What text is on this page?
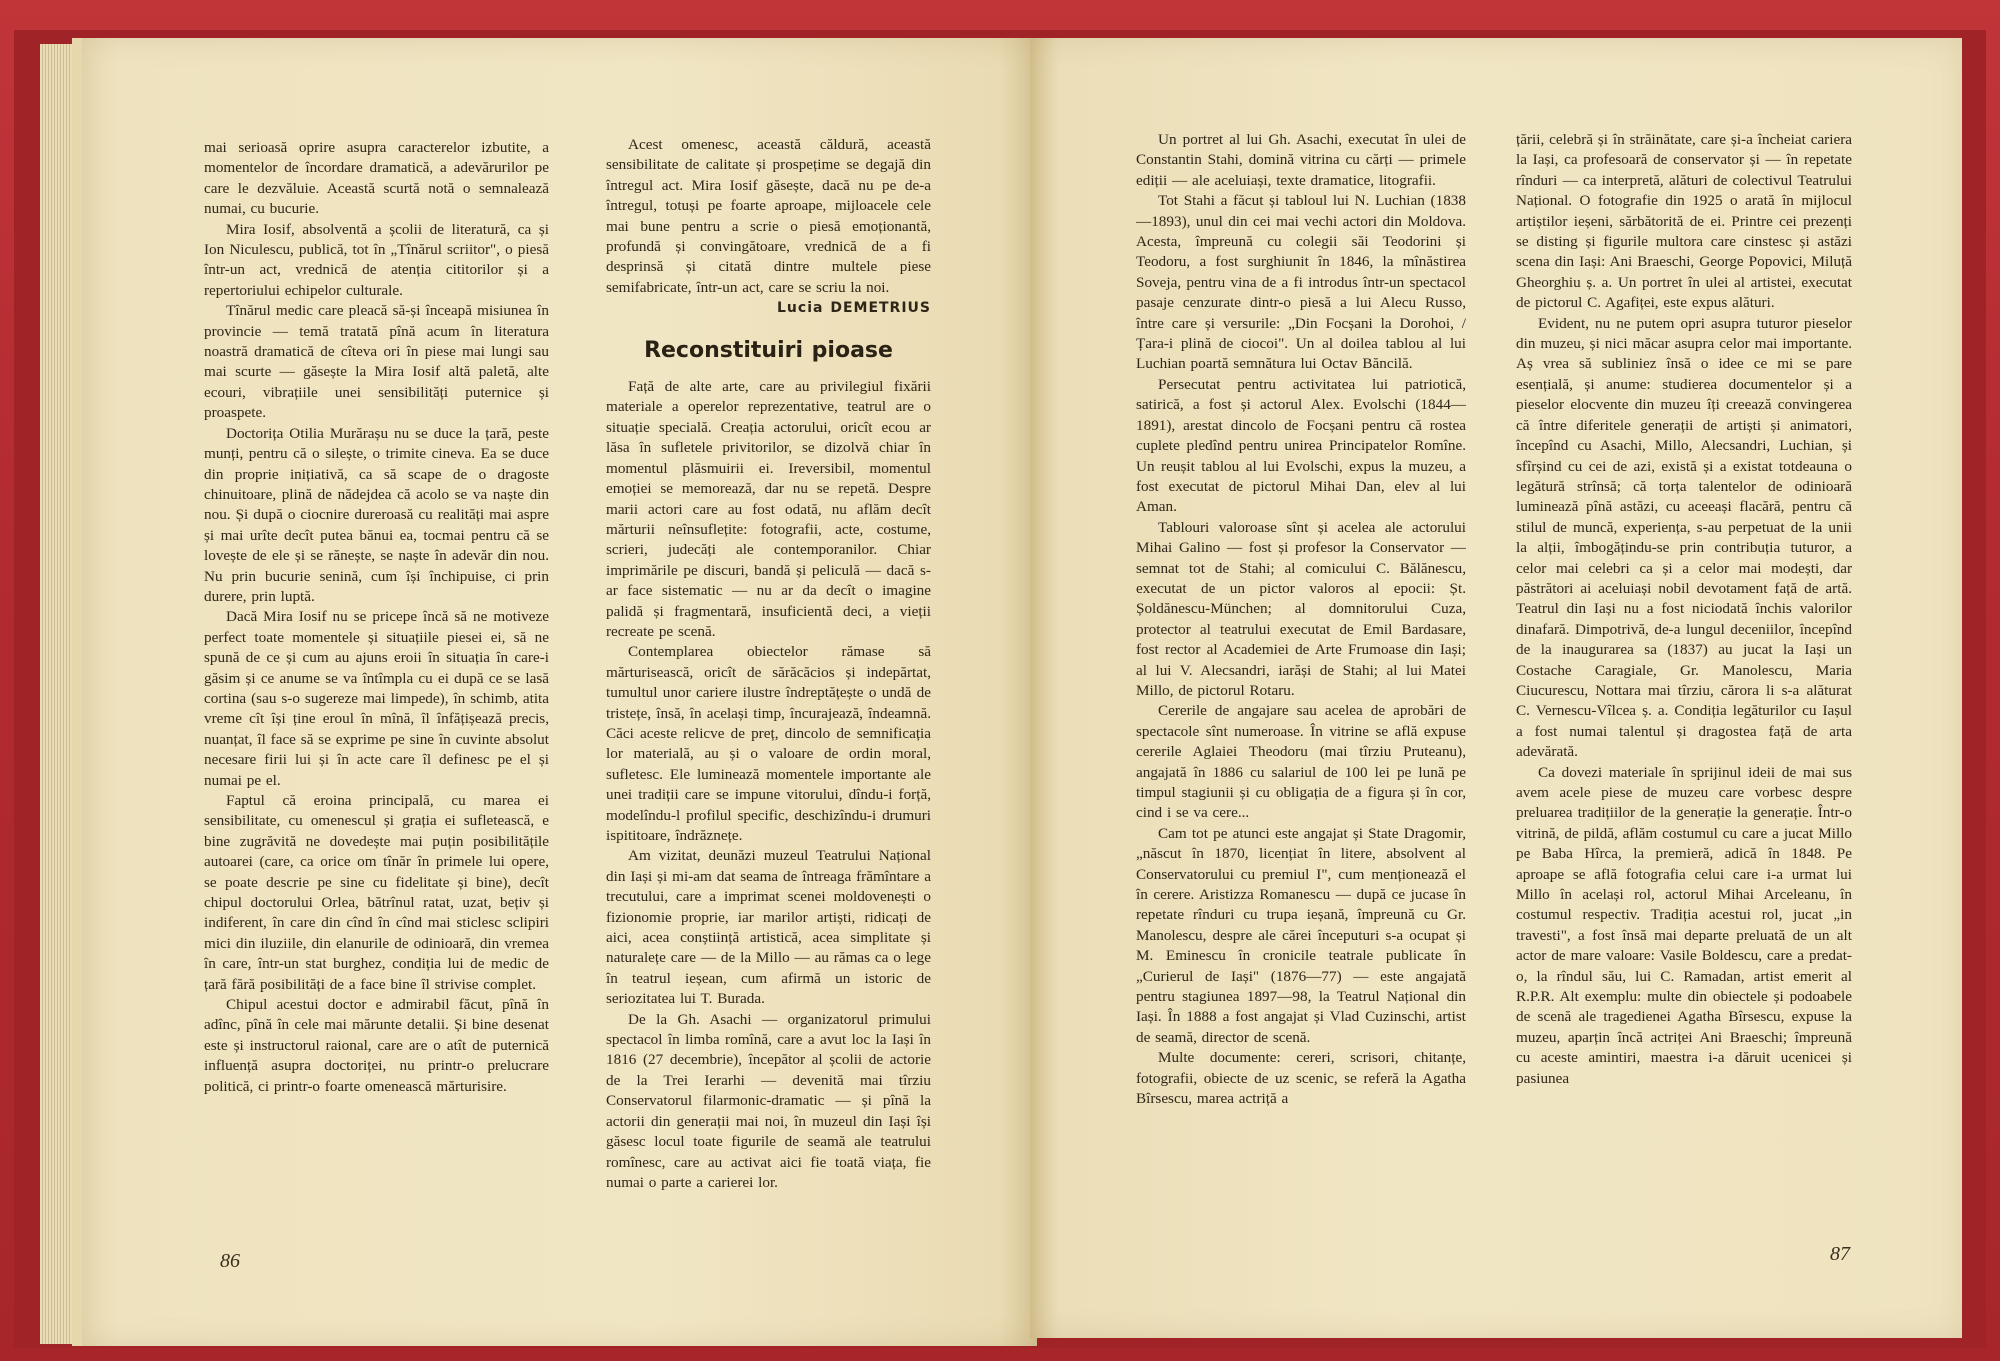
mai serioasă oprire asupra caracterelor izbutite, a momentelor de încordare dramatică, a adevărurilor pe care le dezvăluie. Această scurtă notă o semnalează numai, cu bucurie.

Mira Iosif, absolventă a școlii de literatură, ca și Ion Niculescu, publică, tot în „Tînărul scriitor", o piesă într-un act, vrednică de atenția cititorilor și a repertoriului echipelor culturale.

Tînărul medic care pleacă să-și înceapă misiunea în provincie — temă tratată pînă acum în literatura noastră dramatică de cîteva ori în piese mai lungi sau mai scurte — găsește la Mira Iosif altă paletă, alte ecouri, vibrațiile unei sensibilități puternice și proaspete.

Doctorița Otilia Murărașu nu se duce la țară, peste munți, pentru că o silește, o trimite cineva. Ea se duce din proprie inițiativă, ca să scape de o dragoste chinuitoare, plină de nădejdea că acolo se va naște din nou. Și după o ciocnire dureroasă cu realități mai aspre și mai urîte decît putea bănui ea, tocmai pentru că se lovește de ele și se rănește, se naște în adevăr din nou. Nu prin bucurie senină, cum își închipuise, ci prin durere, prin luptă.

Dacă Mira Iosif nu se pricepe încă să ne motiveze perfect toate momentele și situațiile piesei ei, să ne spună de ce și cum au ajuns eroii în situația în care-i găsim și ce anume se va întîmpla cu ei după ce se lasă cortina (sau s-o sugereze mai limpede), în schimb, atita vreme cît își ține eroul în mînă, îl înfățișează precis, nuanțat, îl face să se exprime pe sine în cuvinte absolut necesare firii lui și în acte care îl definesc pe el și numai pe el.

Faptul că eroina principală, cu marea ei sensibilitate, cu omenescul și grația ei sufletească, e bine zugrăvită ne dovedește mai puțin posibilitățile autoarei (care, ca orice om tînăr în primele lui opere, se poate descrie pe sine cu fidelitate și bine), decît chipul doctorului Orlea, bătrînul ratat, uzat, bețiv și indiferent, în care din cînd în cînd mai sticlesc sclipiri mici din iluziile, din elanurile de odinioară, din vremea în care, într-un stat burghez, condiția lui de medic de țară fără posibilități de a face bine îl strivise complet.

Chipul acestui doctor e admirabil făcut, pînă în adînc, pînă în cele mai mărunte detalii. Și bine desenat este și instructorul raional, care are o atît de puternică influență asupra doctoriței, nu printr-o prelucrare politică, ci printr-o foarte omenească mărturisire.

Acest omenesc, această căldură, această sensibilitate de calitate și prospețime se degajă din întregul act. Mira Iosif găsește, dacă nu pe de-a întregul, totuși pe foarte aproape, mijloacele cele mai bune pentru a scrie o piesă emoționantă, profundă și convingătoare, vrednică de a fi desprinsă și citată dintre multele piese semifabricate, într-un act, care se scriu la noi.

Lucia DEMETRIUS

Reconstituiri pioase

Față de alte arte, care au privilegiul fixării materiale a operelor reprezentative, teatrul are o situație specială. Creația actorului, oricît ecou ar lăsa în sufletele privitorilor, se dizolvă chiar în momentul plăsmuirii ei. Ireversibil, momentul emoției se memorează, dar nu se repetă. Despre marii actori care au fost odată, nu aflăm decît mărturii neînsuflețite: fotografii, acte, costume, scrieri, judecăți ale contemporanilor. Chiar imprimările pe discuri, bandă și peliculă — dacă s-ar face sistematic — nu ar da decît o imagine palidă și fragmentară, insuficientă deci, a vieții recreate pe scenă.

Contemplarea obiectelor rămase să mărturisească, oricît de sărăcăcios și indepărtat, tumultul unor cariere ilustre îndreptățește o undă de tristețe, însă, în același timp, încurajează, îndeamnă. Căci aceste relicve de preț, dincolo de semnificația lor materială, au și o valoare de ordin moral, sufletesc. Ele luminează momentele importante ale unei tradiții care se impune vitorului, dîndu-i forță, modelîndu-l profilul specific, deschizîndu-i drumuri ispititoare, îndrăznețe.

Am vizitat, deunăzi muzeul Teatrului Național din Iași și mi-am dat seama de întreaga frămîntare a trecutului, care a imprimat scenei moldovenești o fizionomie proprie, iar marilor artiști, ridicați de aici, acea conștiință artistică, acea simplitate și naturalețe care — de la Millo — au rămas ca o lege în teatrul ieșean, cum afirmă un istoric de seriozitatea lui T. Burada.

De la Gh. Asachi — organizatorul primului spectacol în limba romînă, care a avut loc la Iași în 1816 (27 decembrie), începător al școlii de actorie de la Trei Ierarhi — devenită mai tîrziu Conservatorul filarmonic-dramatic — și pînă la actorii din generații mai noi, în muzeul din Iași își găsesc locul toate figurile de seamă ale teatrului romînesc, care au activat aici fie toată viața, fie numai o parte a carierei lor.

86

Un portret al lui Gh. Asachi, executat în ulei de Constantin Stahi, domină vitrina cu cărți — primele ediții — ale aceluiași, texte dramatice, litografii.

Tot Stahi a făcut și tabloul lui N. Luchian (1838—1893), unul din cei mai vechi actori din Moldova. Acesta, împreună cu colegii săi Teodorini și Teodoru, a fost surghiunit în 1846, la mînăstirea Soveja, pentru vina de a fi introdus într-un spectacol pasaje cenzurate dintr-o piesă a lui Alecu Russo, între care și versurile: „Din Focșani la Dorohoi, / Țara-i plină de ciocoi". Un al doilea tablou al lui Luchian poartă semnătura lui Octav Băncilă.

Persecutat pentru activitatea lui patriotică, satirică, a fost și actorul Alex. Evolschi (1844—1891), arestat dincolo de Focșani pentru că rostea cuplete pledînd pentru unirea Principatelor Romîne. Un reușit tablou al lui Evolschi, expus la muzeu, a fost executat de pictorul Mihai Dan, elev al lui Aman.

Tablouri valoroase sînt și acelea ale actorului Mihai Galino — fost și profesor la Conservator — semnat tot de Stahi; al comicului C. Bălănescu, executat de un pictor valoros al epocii: Șt. Șoldănescu-München; al domnitorului Cuza, protector al teatrului executat de Emil Bardasare, fost rector al Academiei de Arte Frumoase din Iași; al lui V. Alecsandri, iarăși de Stahi; al lui Matei Millo, de pictorul Rotaru.

Cererile de angajare sau acelea de aprobări de spectacole sînt numeroase. În vitrine se află expuse cererile Aglaiei Theodoru (mai tîrziu Pruteanu), angajată în 1886 cu salariul de 100 lei pe lună pe timpul stagiunii și cu obligația de a figura și în cor, cind i se va cere...

Cam tot pe atunci este angajat și State Dragomir, „născut în 1870, licențiat în litere, absolvent al Conservatorului cu premiul I", cum menționează el în cerere. Aristizza Romanescu — după ce jucase în repetate rînduri cu trupa ieșană, împreună cu Gr. Manolescu, despre ale cărei începuturi s-a ocupat și M. Eminescu în cronicile teatrale publicate în „Curierul de Iași" (1876—77) — este angajată pentru stagiunea 1897—98, la Teatrul Național din Iași. În 1888 a fost angajat și Vlad Cuzinschi, artist de seamă, director de scenă.

Multe documente: cereri, scrisori, chitanțe, fotografii, obiecte de uz scenic, se referă la Agatha Bîrsescu, marea actriță a

țării, celebră și în străinătate, care și-a încheiat cariera la Iași, ca profesoară de conservator și — în repetate rînduri — ca interpretă, alături de colectivul Teatrului Național. O fotografie din 1925 o arată în mijlocul artiștilor ieșeni, sărbătorită de ei. Printre cei prezenți se disting și figurile multora care cinstesc și astăzi scena din Iași: Ani Braeschi, George Popovici, Miluță Gheorghiu ș. a. Un portret în ulei al artistei, executat de pictorul C. Agafiței, este expus alături.

Evident, nu ne putem opri asupra tuturor pieselor din muzeu, și nici măcar asupra celor mai importante. Aș vrea să subliniez însă o idee ce mi se pare esențială, și anume: studierea documentelor și a pieselor elocvente din muzeu îți creează convingerea că între diferitele generații de artiști și animatori, începînd cu Asachi, Millo, Alecsandri, Luchian, și sfîrșind cu cei de azi, există și a existat totdeauna o legătură strînsă; că torța talentelor de odinioară luminează pînă astăzi, cu aceeași flacără, pentru că stilul de muncă, experiența, s-au perpetuat de la unii la alții, îmbogățindu-se prin contribuția tuturor, a celor mai celebri ca și a celor mai modești, dar păstrători ai aceluiași nobil devotament față de artă. Teatrul din Iași nu a fost niciodată închis valorilor dinafară. Dimpotrivă, de-a lungul deceniilor, începînd de la inaugurarea sa (1837) au jucat la Iași un Costache Caragiale, Gr. Manolescu, Maria Ciucurescu, Nottara mai tîrziu, cărora li s-a alăturat C. Vernescu-Vîlcea ș. a. Condiția legăturilor cu Iașul a fost numai talentul și dragostea față de arta adevărată.

Ca dovezi materiale în sprijinul ideii de mai sus avem acele piese de muzeu care vorbesc despre preluarea tradițiilor de la generație la generație. Într-o vitrină, de pildă, aflăm costumul cu care a jucat Millo pe Baba Hîrca, la premieră, adică în 1848. Pe aproape se află fotografia celui care i-a urmat lui Millo în același rol, actorul Mihai Arceleanu, în costumul respectiv. Tradiția acestui rol, jucat „in travesti", a fost însă mai departe preluată de un alt actor de mare valoare: Vasile Boldescu, care a predat-o, la rîndul său, lui C. Ramadan, artist emerit al R.P.R. Alt exemplu: multe din obiectele și podoabele de scenă ale tragedienei Agatha Bîrsescu, expuse la muzeu, aparțin încă actriței Ani Braeschi; împreună cu aceste amintiri, maestra i-a dăruit ucenicei și pasiunea

87
